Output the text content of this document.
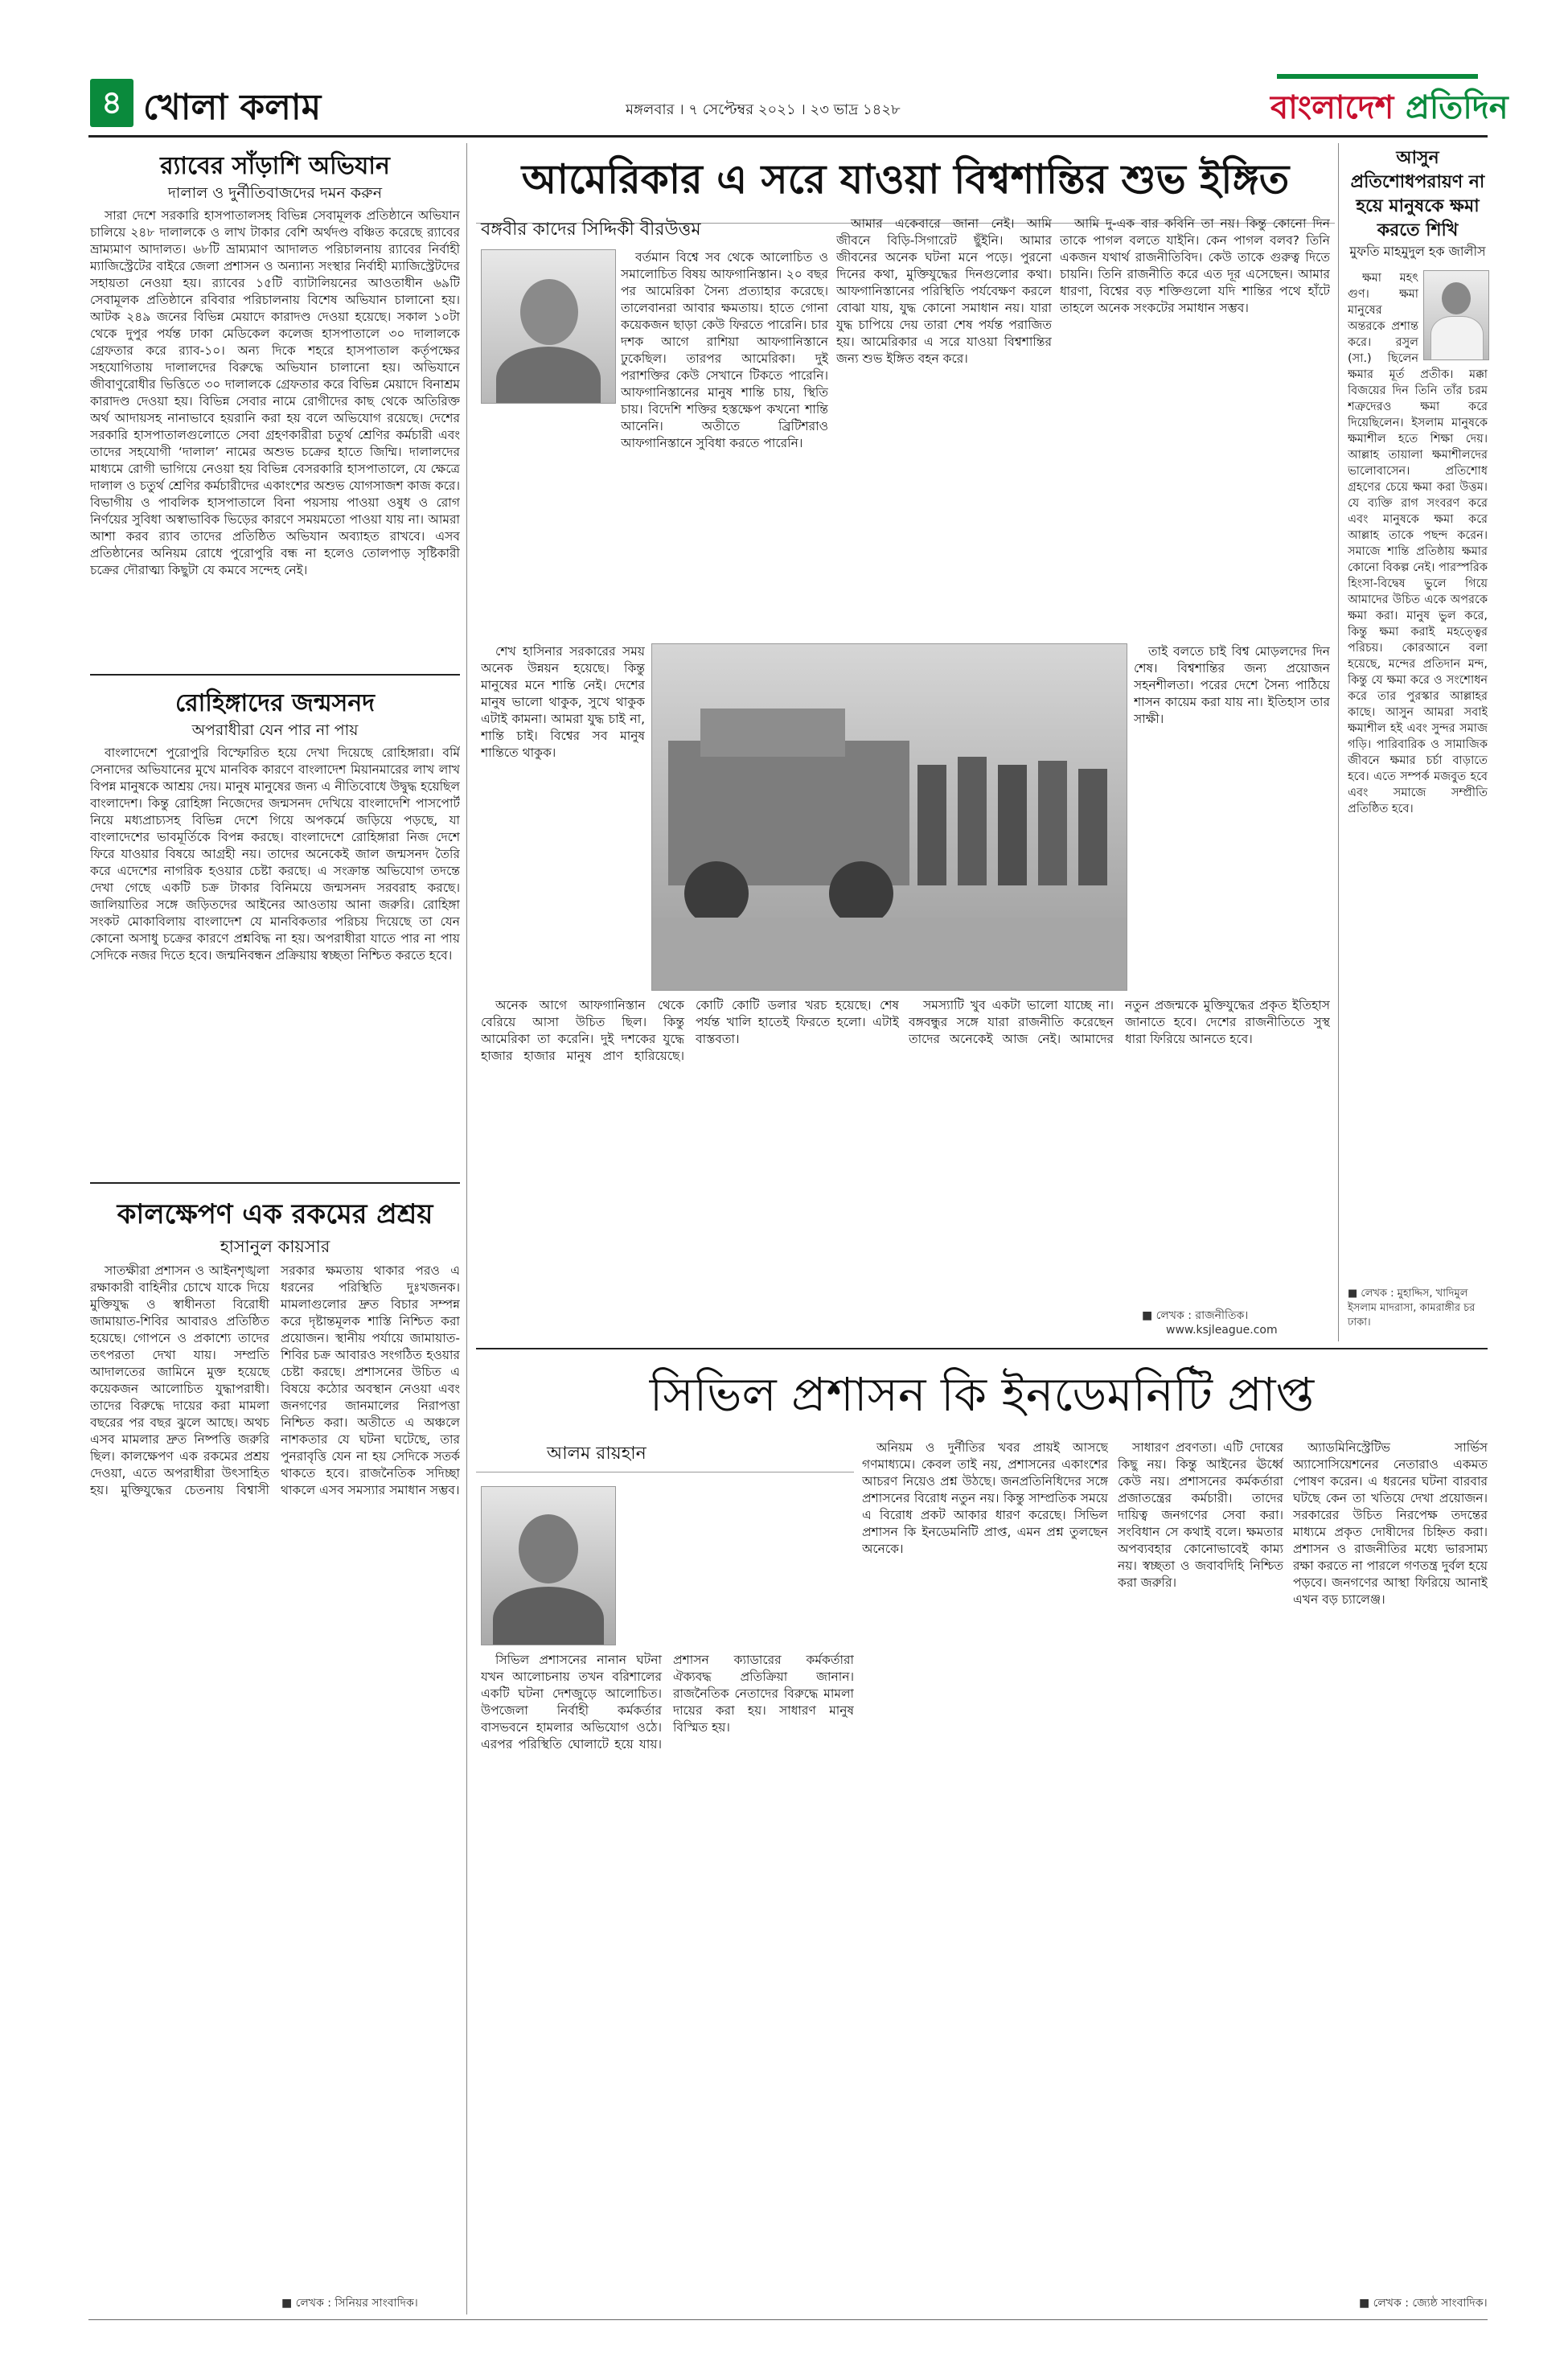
৪ খোলা কলাম	মঙ্গলবার । ৭ সেপ্টেম্বর ২০২১ । ২৩ ভাদ্র ১৪২৮	বাংলাদেশ প্রতিদিন
র‌্যাবের সাঁড়াশি অভিযান
দালাল ও দুর্নীতিবাজদের দমন করুন

সারা দেশে সরকারি হাসপাতালসহ বিভিন্ন সেবামূলক প্রতিষ্ঠানে অভিযান চালিয়ে ২৪৮ দালালকে ও লাখ টাকার বেশি অর্থদণ্ড বঞ্চিত করেছে র‌্যাবের ভ্রাম্যমাণ আদালত। ৬৮টি ভ্রাম্যমাণ আদালত পরিচালনায় র‌্যাবের নির্বাহী ম্যাজিস্ট্রেটের বাইরে জেলা প্রশাসন ও অন্যান্য সংস্থার নির্বাহী ম্যাজিস্ট্রেটদের সহায়তা নেওয়া হয়। র‌্যাবের ১৫টি ব্যাটালিয়নের আওতাধীন ৬৯টি সেবামূলক প্রতিষ্ঠানে রবিবার পরিচালনায় বিশেষ অভিযান চালানো হয়। আটক ২৪৯ জনের বিভিন্ন মেয়াদে কারাদণ্ড দেওয়া হয়েছে। সকাল ১০টা থেকে দুপুর পর্যন্ত ঢাকা মেডিকেল কলেজ হাসপাতালে ৩০ দালালকে গ্রেফতার করে র‌্যাব-১০। অন্য দিকে শহরে হাসপাতাল কর্তৃপক্ষের সহযোগিতায় দালালদের বিরুদ্ধে অভিযান চালানো হয়। অভিযানে জীবাণুরোধীর ভিত্তিতে ৩০ দালালকে গ্রেফতার করে বিভিন্ন মেয়াদে বিনাশ্রম কারাদণ্ড দেওয়া হয়। বিভিন্ন সেবার নামে রোগীদের কাছ থেকে অতিরিক্ত অর্থ আদায়সহ নানাভাবে হয়রানি করা হয় বলে অভিযোগ রয়েছে। দেশের সরকারি হাসপাতালগুলোতে সেবা গ্রহণকারীরা চতুর্থ শ্রেণির কর্মচারী এবং তাদের সহযোগী ‘দালাল’ নামের অশুভ চক্রের হাতে জিম্মি। দালালদের মাধ্যমে রোগী ভাগিয়ে নেওয়া হয় বিভিন্ন বেসরকারি হাসপাতালে, যে ক্ষেত্রে দালাল ও চতুর্থ শ্রেণির কর্মচারীদের একাংশের অশুভ যোগসাজশ কাজ করে। বিভাগীয় ও পাবলিক হাসপাতালে বিনা পয়সায় পাওয়া ওষুধ ও রোগ নির্ণয়ের সুবিধা অস্বাভাবিক ভিড়ের কারণে সময়মতো পাওয়া যায় না। আমরা আশা করব র‌্যাব তাদের প্রতিষ্ঠিত অভিযান অব্যাহত রাখবে। এসব প্রতিষ্ঠানের অনিয়ম রোধে পুরোপুরি বন্ধ না হলেও তোলপাড় সৃষ্টিকারী চক্রের দৌরাত্ম্য কিছুটা যে কমবে সন্দেহ নেই।

রোহিঙ্গাদের জন্মসনদ
অপরাধীরা যেন পার না পায়

বাংলাদেশে পুরোপুরি বিস্ফোরিত হয়ে দেখা দিয়েছে রোহিঙ্গারা। বর্মি সেনাদের অভিযানের মুখে মানবিক কারণে বাংলাদেশ মিয়ানমারের লাখ লাখ বিপন্ন মানুষকে আশ্রয় দেয়। মানুষ মানুষের জন্য এ নীতিবোধে উদ্বুদ্ধ হয়েছিল বাংলাদেশ। কিন্তু রোহিঙ্গা নিজেদের জন্মসনদ দেখিয়ে বাংলাদেশি পাসপোর্ট নিয়ে মধ্যপ্রাচ্যসহ বিভিন্ন দেশে গিয়ে অপকর্মে জড়িয়ে পড়ছে, যা বাংলাদেশের ভাবমূর্তিকে বিপন্ন করছে। বাংলাদেশে রোহিঙ্গারা নিজ দেশে ফিরে যাওয়ার বিষয়ে আগ্রহী নয়। তাদের অনেকেই জাল জন্মসনদ তৈরি করে এদেশের নাগরিক হওয়ার চেষ্টা করছে। এ সংক্রান্ত অভিযোগ তদন্তে দেখা গেছে একটি চক্র টাকার বিনিময়ে জন্মসনদ সরবরাহ করছে। জালিয়াতির সঙ্গে জড়িতদের আইনের আওতায় আনা জরুরি। রোহিঙ্গা সংকট মোকাবিলায় বাংলাদেশ যে মানবিকতার পরিচয় দিয়েছে তা যেন কোনো অসাধু চক্রের কারণে প্রশ্নবিদ্ধ না হয়। অপরাধীরা যাতে পার না পায় সেদিকে নজর দিতে হবে। জন্মনিবন্ধন প্রক্রিয়ায় স্বচ্ছতা নিশ্চিত করতে হবে।

কালক্ষেপণ এক রকমের প্রশ্রয়
হাসানুল কায়সার

সাতক্ষীরা প্রশাসন ও আইনশৃঙ্খলা রক্ষাকারী বাহিনীর চোখে যাকে দিয়ে মুক্তিযুদ্ধ ও স্বাধীনতা বিরোধী জামায়াত-শিবির আবারও প্রতিষ্ঠিত হয়েছে। গোপনে ও প্রকাশ্যে তাদের তৎপরতা দেখা যায়। সম্প্রতি আদালতের জামিনে মুক্ত হয়েছে কয়েকজন আলোচিত যুদ্ধাপরাধী। তাদের বিরুদ্ধে দায়ের করা মামলা বছরের পর বছর ঝুলে আছে। অথচ এসব মামলার দ্রুত নিষ্পত্তি জরুরি ছিল। কালক্ষেপণ এক রকমের প্রশ্রয় দেওয়া, এতে অপরাধীরা উৎসাহিত হয়। মুক্তিযুদ্ধের চেতনায় বিশ্বাসী সরকার ক্ষমতায় থাকার পরও এ ধরনের পরিস্থিতি দুঃখজনক। মামলাগুলোর দ্রুত বিচার সম্পন্ন করে দৃষ্টান্তমূলক শাস্তি নিশ্চিত করা প্রয়োজন। স্থানীয় পর্যায়ে জামায়াত-শিবির চক্র আবারও সংগঠিত হওয়ার চেষ্টা করছে। প্রশাসনের উচিত এ বিষয়ে কঠোর অবস্থান নেওয়া এবং জনগণের জানমালের নিরাপত্তা নিশ্চিত করা। অতীতে এ অঞ্চলে নাশকতার যে ঘটনা ঘটেছে, তার পুনরাবৃত্তি যেন না হয় সেদিকে সতর্ক থাকতে হবে। রাজনৈতিক সদিচ্ছা থাকলে এসব সমস্যার সমাধান সম্ভব।

■ লেখক : সিনিয়র সাংবাদিক।
আমেরিকার এ সরে যাওয়া বিশ্বশান্তির শুভ ইঙ্গিত
বঙ্গবীর কাদের সিদ্দিকী বীরউত্তম

বর্তমান বিশ্বে সব থেকে আলোচিত ও সমালোচিত বিষয় আফগানিস্তান। ২০ বছর পর আমেরিকা সৈন্য প্রত্যাহার করেছে। তালেবানরা আবার ক্ষমতায়। হাতে গোনা কয়েকজন ছাড়া কেউ ফিরতে পারেনি। চার দশক আগে রাশিয়া আফগানিস্তানে ঢুকেছিল। তারপর আমেরিকা। দুই পরাশক্তির কেউ সেখানে টিকতে পারেনি। আফগানিস্তানের মানুষ শান্তি চায়, স্থিতি চায়। বিদেশি শক্তির হস্তক্ষেপ কখনো শান্তি আনেনি। অতীতে ব্রিটিশরাও আফগানিস্তানে সুবিধা করতে পারেনি।

আমার একেবারে জানা নেই। আমি জীবনে বিড়ি-সিগারেট ছুঁইনি। আমার জীবনের অনেক ঘটনা মনে পড়ে। পুরনো দিনের কথা, মুক্তিযুদ্ধের দিনগুলোর কথা। আফগানিস্তানের পরিস্থিতি পর্যবেক্ষণ করলে বোঝা যায়, যুদ্ধ কোনো সমাধান নয়। যারা যুদ্ধ চাপিয়ে দেয় তারা শেষ পর্যন্ত পরাজিত হয়। আমেরিকার এ সরে যাওয়া বিশ্বশান্তির জন্য শুভ ইঙ্গিত বহন করে।

আমি দু-এক বার কবিনি তা নয়। কিন্তু কোনো দিন তাকে পাগল বলতে যাইনি। কেন পাগল বলব? তিনি একজন যথার্থ রাজনীতিবিদ। কেউ তাকে গুরুত্ব দিতে চায়নি। তিনি রাজনীতি করে এত দূর এসেছেন। আমার ধারণা, বিশ্বের বড় শক্তিগুলো যদি শান্তির পথে হাঁটে তাহলে অনেক সংকটের সমাধান সম্ভব।

শেখ হাসিনার সরকারের সময় অনেক উন্নয়ন হয়েছে। কিন্তু মানুষের মনে শান্তি নেই। দেশের মানুষ ভালো থাকুক, সুখে থাকুক এটাই কামনা। আমরা যুদ্ধ চাই না, শান্তি চাই। বিশ্বের সব মানুষ শান্তিতে থাকুক।

তাই বলতে চাই বিশ্ব মোড়লদের দিন শেষ। বিশ্বশান্তির জন্য প্রয়োজন সহনশীলতা। পরের দেশে সৈন্য পাঠিয়ে শাসন কায়েম করা যায় না। ইতিহাস তার সাক্ষী।

অনেক আগে আফগানিস্তান থেকে বেরিয়ে আসা উচিত ছিল। কিন্তু আমেরিকা তা করেনি। দুই দশকের যুদ্ধে হাজার হাজার মানুষ প্রাণ হারিয়েছে। কোটি কোটি ডলার খরচ হয়েছে। শেষ পর্যন্ত খালি হাতেই ফিরতে হলো। এটাই বাস্তবতা।

সমস্যাটি খুব একটা ভালো যাচ্ছে না। বঙ্গবন্ধুর সঙ্গে যারা রাজনীতি করেছেন তাদের অনেকেই আজ নেই। আমাদের নতুন প্রজন্মকে মুক্তিযুদ্ধের প্রকৃত ইতিহাস জানাতে হবে। দেশের রাজনীতিতে সুস্থ ধারা ফিরিয়ে আনতে হবে।

■ লেখক : রাজনীতিক।
www.ksjleague.com
আসুন প্রতিশোধপরায়ণ না হয়ে মানুষকে ক্ষমা করতে শিখি
মুফতি মাহমুদুল হক জালীস

ক্ষমা মহৎ গুণ। ক্ষমা মানুষের অন্তরকে প্রশান্ত করে। রসুল (সা.) ছিলেন ক্ষমার মূর্ত প্রতীক। মক্কা বিজয়ের দিন তিনি তাঁর চরম শত্রুদেরও ক্ষমা করে দিয়েছিলেন। ইসলাম মানুষকে ক্ষমাশীল হতে শিক্ষা দেয়। আল্লাহ তায়ালা ক্ষমাশীলদের ভালোবাসেন। প্রতিশোধ গ্রহণের চেয়ে ক্ষমা করা উত্তম। যে ব্যক্তি রাগ সংবরণ করে এবং মানুষকে ক্ষমা করে আল্লাহ তাকে পছন্দ করেন। সমাজে শান্তি প্রতিষ্ঠায় ক্ষমার কোনো বিকল্প নেই। পারস্পরিক হিংসা-বিদ্বেষ ভুলে গিয়ে আমাদের উচিত একে অপরকে ক্ষমা করা। মানুষ ভুল করে, কিন্তু ক্ষমা করাই মহত্ত্বের পরিচয়। কোরআনে বলা হয়েছে, মন্দের প্রতিদান মন্দ, কিন্তু যে ক্ষমা করে ও সংশোধন করে তার পুরস্কার আল্লাহর কাছে। আসুন আমরা সবাই ক্ষমাশীল হই এবং সুন্দর সমাজ গড়ি। পারিবারিক ও সামাজিক জীবনে ক্ষমার চর্চা বাড়াতে হবে। এতে সম্পর্ক মজবুত হবে এবং সমাজে সম্প্রীতি প্রতিষ্ঠিত হবে।

■ লেখক : মুহাদ্দিস, খাদিমুল ইসলাম মাদরাসা, কামরাঙ্গীর চর ঢাকা।
সিভিল প্রশাসন কি ইনডেমনিটি প্রাপ্ত
আলম রায়হান

সিভিল প্রশাসনের নানান ঘটনা যখন আলোচনায় তখন বরিশালের একটি ঘটনা দেশজুড়ে আলোচিত। উপজেলা নির্বাহী কর্মকর্তার বাসভবনে হামলার অভিযোগ ওঠে। এরপর পরিস্থিতি ঘোলাটে হয়ে যায়। প্রশাসন ক্যাডারের কর্মকর্তারা ঐক্যবদ্ধ প্রতিক্রিয়া জানান। রাজনৈতিক নেতাদের বিরুদ্ধে মামলা দায়ের করা হয়। সাধারণ মানুষ বিস্মিত হয়।

অনিয়ম ও দুর্নীতির খবর প্রায়ই আসছে গণমাধ্যমে। কেবল তাই নয়, প্রশাসনের একাংশের আচরণ নিয়েও প্রশ্ন উঠছে। জনপ্রতিনিধিদের সঙ্গে প্রশাসনের বিরোধ নতুন নয়। কিন্তু সাম্প্রতিক সময়ে এ বিরোধ প্রকট আকার ধারণ করেছে। সিভিল প্রশাসন কি ইনডেমনিটি প্রাপ্ত, এমন প্রশ্ন তুলছেন অনেকে।

সাধারণ প্রবণতা। এটি দোষের কিছু নয়। কিন্তু আইনের ঊর্ধ্বে কেউ নয়। প্রশাসনের কর্মকর্তারা প্রজাতন্ত্রের কর্মচারী। তাদের দায়িত্ব জনগণের সেবা করা। সংবিধান সে কথাই বলে। ক্ষমতার অপব্যবহার কোনোভাবেই কাম্য নয়। স্বচ্ছতা ও জবাবদিহি নিশ্চিত করা জরুরি।

অ্যাডমিনিস্ট্রেটিভ সার্ভিস অ্যাসোসিয়েশনের নেতারাও একমত পোষণ করেন। এ ধরনের ঘটনা বারবার ঘটছে কেন তা খতিয়ে দেখা প্রয়োজন। সরকারের উচিত নিরপেক্ষ তদন্তের মাধ্যমে প্রকৃত দোষীদের চিহ্নিত করা। প্রশাসন ও রাজনীতির মধ্যে ভারসাম্য রক্ষা করতে না পারলে গণতন্ত্র দুর্বল হয়ে পড়বে। জনগণের আস্থা ফিরিয়ে আনাই এখন বড় চ্যালেঞ্জ।

■ লেখক : জ্যেষ্ঠ সাংবাদিক।
